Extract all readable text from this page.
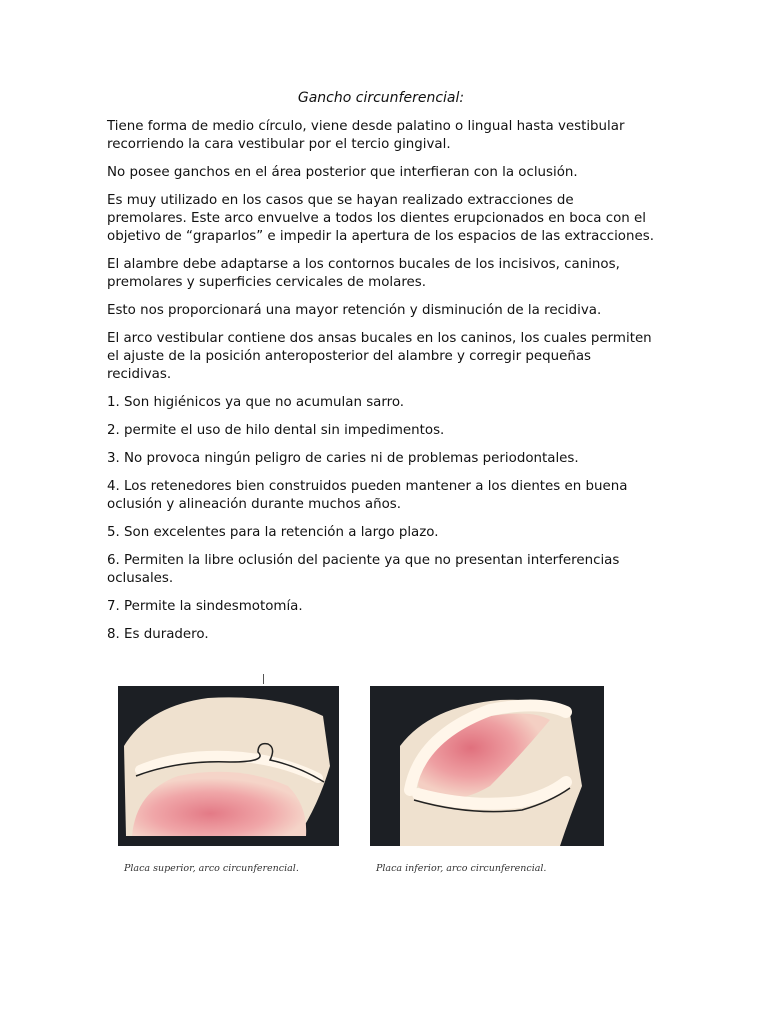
Gancho circunferencial:

Tiene forma de medio círculo, viene desde palatino o lingual hasta vestibular recorriendo la cara vestibular por el tercio gingival.

No posee ganchos en el área posterior que interfieran con la oclusión.

Es muy utilizado en los casos que se hayan realizado extracciones de premolares. Este arco envuelve a todos los dientes erupcionados en boca con el objetivo de “graparlos” e impedir la apertura de los espacios de las extracciones.

El alambre debe adaptarse a los contornos bucales de los incisivos, caninos, premolares y superficies cervicales de molares.

Esto nos proporcionará una mayor retención y disminución de la recidiva.

El arco vestibular contiene dos ansas bucales en los caninos, los cuales permiten el ajuste de la posición anteroposterior del alambre y corregir pequeñas recidivas.

1. Son higiénicos ya que no acumulan sarro.

2. permite el uso de hilo dental sin impedimentos.

3. No provoca ningún peligro de caries ni de problemas periodontales.

4. Los retenedores bien construidos pueden mantener a los dientes en buena oclusión y alineación durante muchos años.

5. Son excelentes para la retención a largo plazo.

6. Permiten la libre oclusión del paciente ya que no presentan interferencias oclusales.

7. Permite la sindesmotomía.

8. Es duradero.

Placa superior, arco circunferencial.	Placa inferior, arco circunferencial.
